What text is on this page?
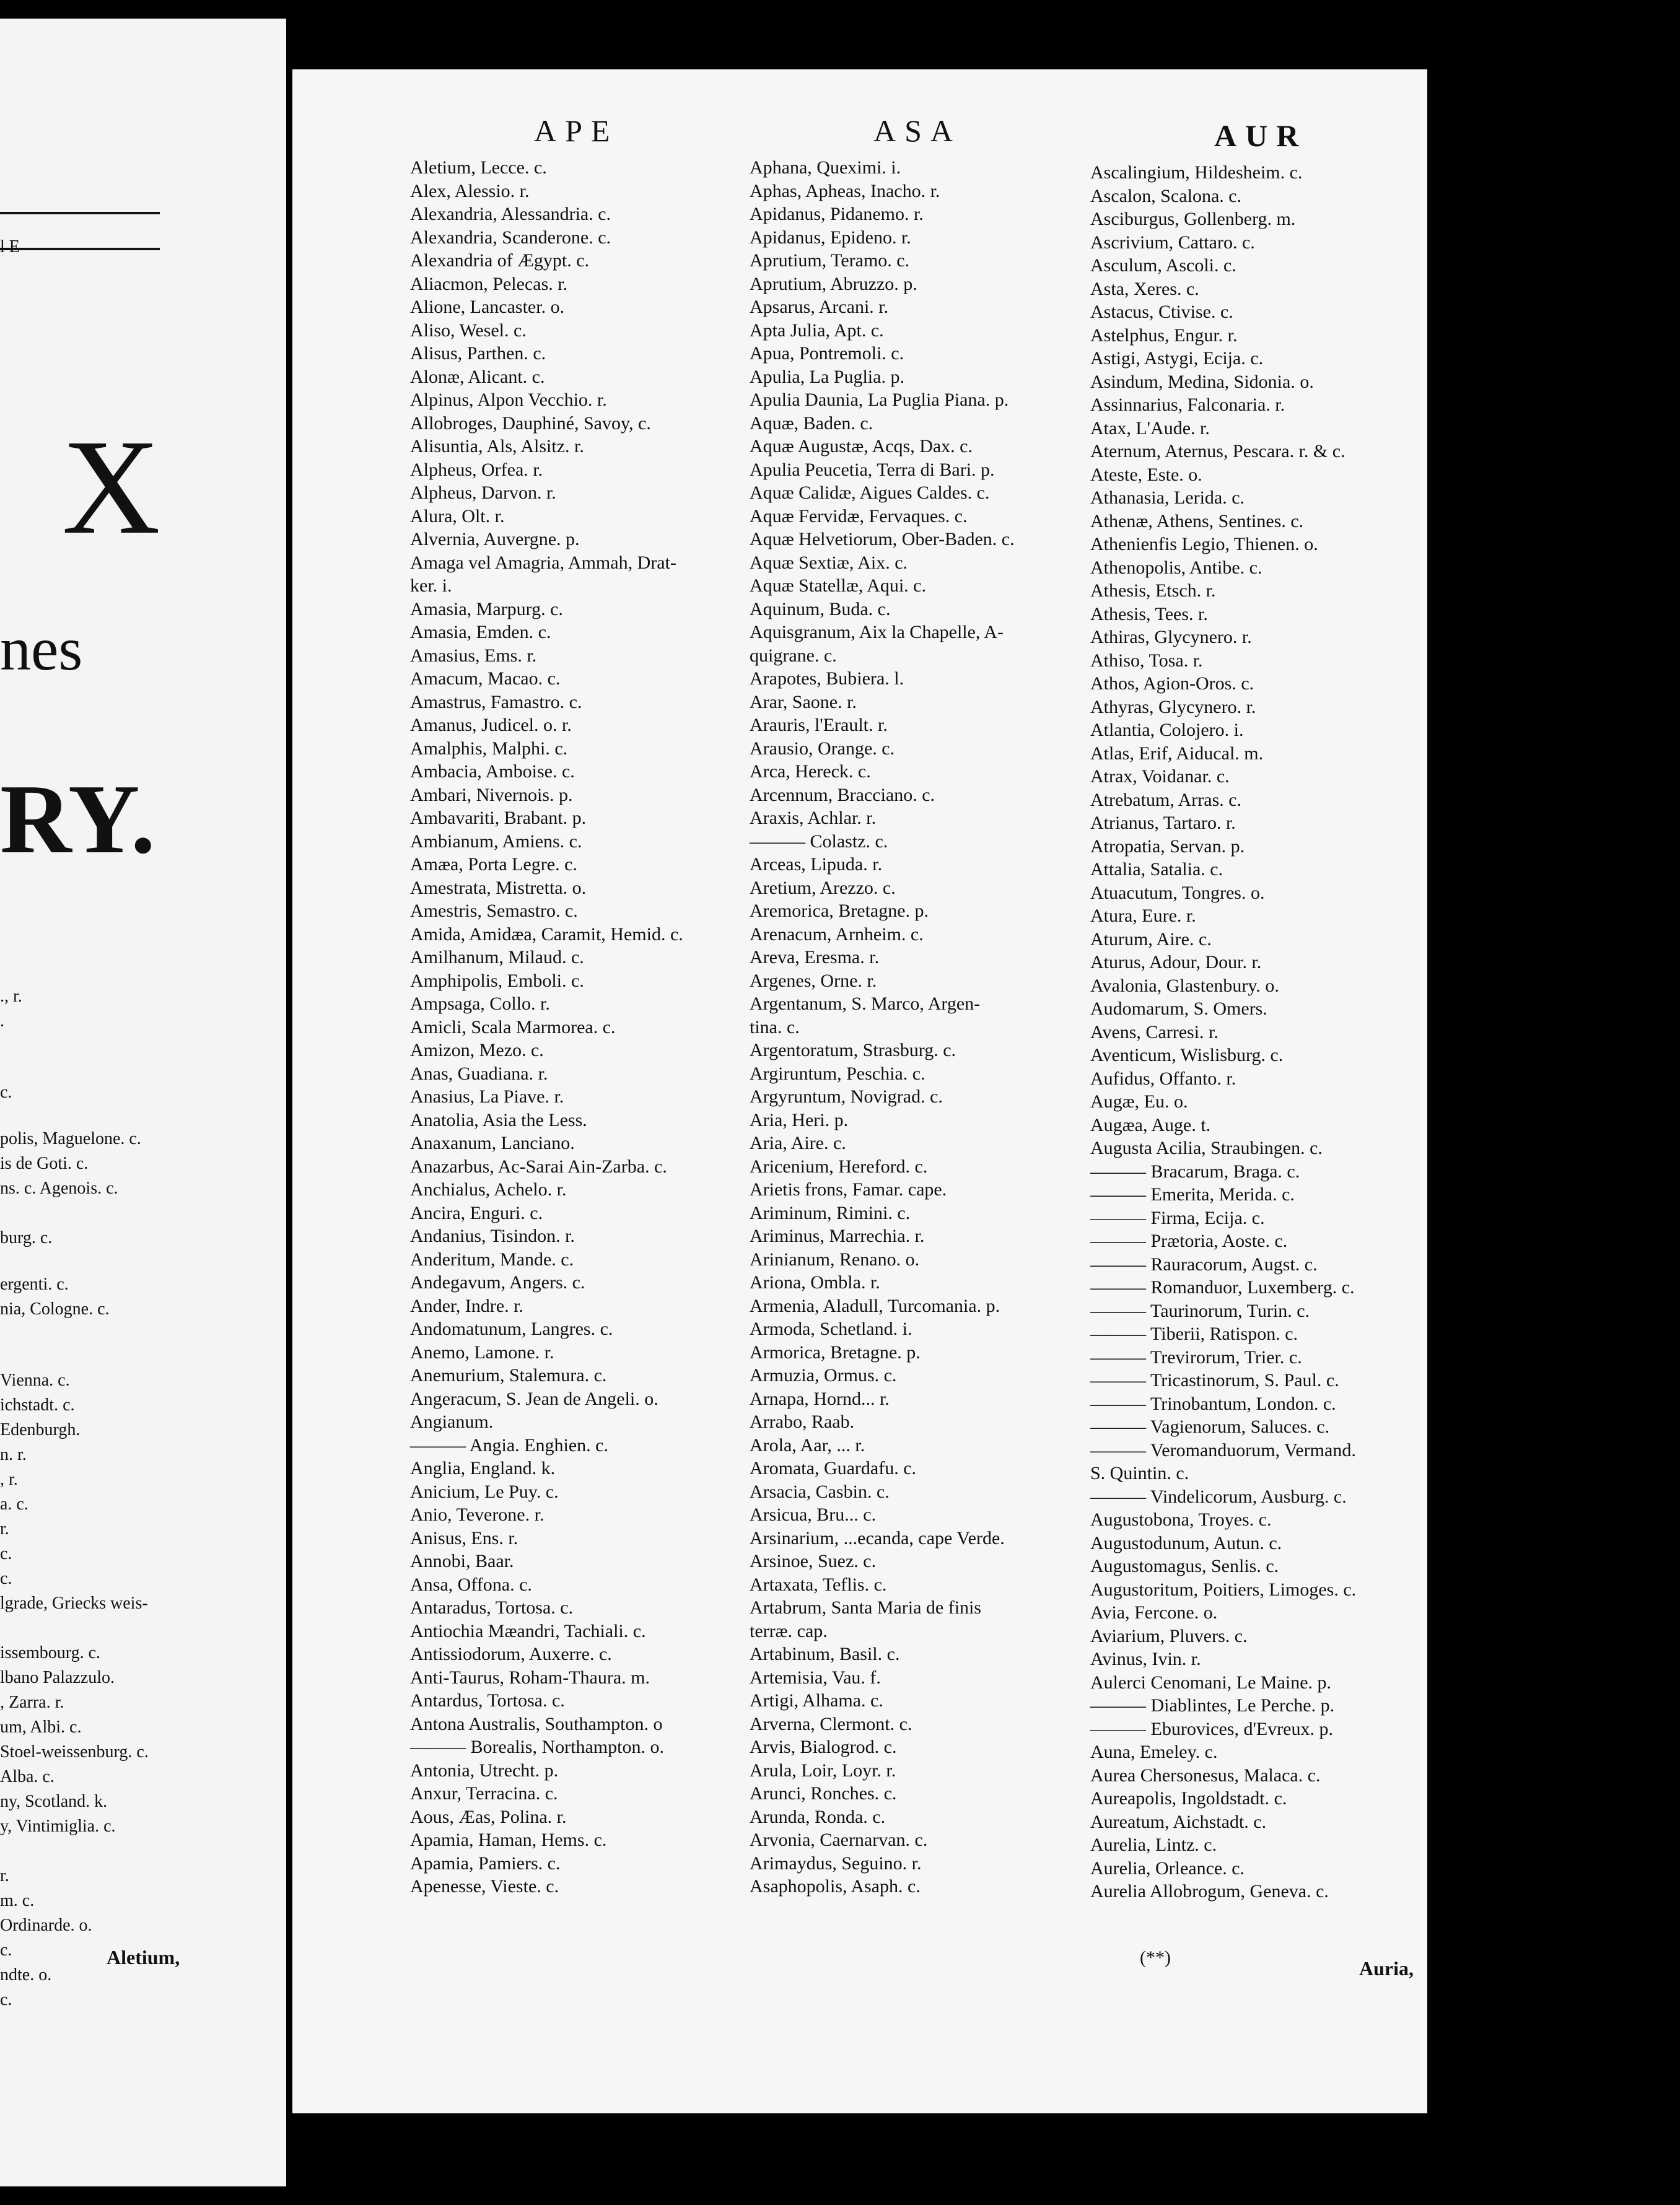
X
nes
RY.
l E
., r.
.
c.
polis, Maguelone. c.
is de Goti. c.
ns. c. Agenois. c.
burg. c.
ergenti. c.
nia, Cologne. c.
Vienna. c.
ichstadt. c.
Edenburgh.
n. r.
, r.
a. c.
r.
c.
c.
lgrade, Griecks weis-
issembourg. c.
lbano Palazzulo.
, Zarra. r.
um, Albi. c.
Stoel-weissenburg. c.
Alba. c.
ny, Scotland. k.
y, Vintimiglia. c.
r.
m. c.
Ordinarde. o.
c.
ndte. o.
c.
Aletium,
APE
Aletium, Lecce. c.
Alex, Alessio. r.
Alexandria, Alessandria. c.
Alexandria, Scanderone. c.
Alexandria of Ægypt. c.
Aliacmon, Pelecas. r.
Alione, Lancaster. o.
Aliso, Wesel. c.
Alisus, Parthen. c.
Alonæ, Alicant. c.
Alpinus, Alpon Vecchio. r.
Allobroges, Dauphiné, Savoy, c.
Alisuntia, Als, Alsitz. r.
Alpheus, Orfea. r.
Alpheus, Darvon. r.
Alura, Olt. r.
Alvernia, Auvergne. p.
Amaga vel Amagria, Ammah, Drat-
ker. i.
Amasia, Marpurg. c.
Amasia, Emden. c.
Amasius, Ems. r.
Amacum, Macao. c.
Amastrus, Famastro. c.
Amanus, Judicel. o. r.
Amalphis, Malphi. c.
Ambacia, Amboise. c.
Ambari, Nivernois. p.
Ambavariti, Brabant. p.
Ambianum, Amiens. c.
Amæa, Porta Legre. c.
Amestrata, Mistretta. o.
Amestris, Semastro. c.
Amida, Amidæa, Caramit, Hemid. c.
Amilhanum, Milaud. c.
Amphipolis, Emboli. c.
Ampsaga, Collo. r.
Amicli, Scala Marmorea. c.
Amizon, Mezo. c.
Anas, Guadiana. r.
Anasius, La Piave. r.
Anatolia, Asia the Less.
Anaxanum, Lanciano.
Anazarbus, Ac-Sarai Ain-Zarba. c.
Anchialus, Achelo. r.
Ancira, Enguri. c.
Andanius, Tisindon. r.
Anderitum, Mande. c.
Andegavum, Angers. c.
Ander, Indre. r.
Andomatunum, Langres. c.
Anemo, Lamone. r.
Anemurium, Stalemura. c.
Angeracum, S. Jean de Angeli. o.
Angianum.
——— Angia. Enghien. c.
Anglia, England. k.
Anicium, Le Puy. c.
Anio, Teverone. r.
Anisus, Ens. r.
Annobi, Baar.
Ansa, Offona. c.
Antaradus, Tortosa. c.
Antiochia Mæandri, Tachiali. c.
Antissiodorum, Auxerre. c.
Anti-Taurus, Roham-Thaura. m.
Antardus, Tortosa. c.
Antona Australis, Southampton. o
——— Borealis, Northampton. o.
Antonia, Utrecht. p.
Anxur, Terracina. c.
Aous, Æas, Polina. r.
Apamia, Haman, Hems. c.
Apamia, Pamiers. c.
Apenesse, Vieste. c.
ASA
Aphana, Queximi. i.
Aphas, Apheas, Inacho. r.
Apidanus, Pidanemo. r.
Apidanus, Epideno. r.
Aprutium, Teramo. c.
Aprutium, Abruzzo. p.
Apsarus, Arcani. r.
Apta Julia, Apt. c.
Apua, Pontremoli. c.
Apulia, La Puglia. p.
Apulia Daunia, La Puglia Piana. p.
Aquæ, Baden. c.
Aquæ Augustæ, Acqs, Dax. c.
Apulia Peucetia, Terra di Bari. p.
Aquæ Calidæ, Aigues Caldes. c.
Aquæ Fervidæ, Fervaques. c.
Aquæ Helvetiorum, Ober-Baden. c.
Aquæ Sextiæ, Aix. c.
Aquæ Statellæ, Aqui. c.
Aquinum, Buda. c.
Aquisgranum, Aix la Chapelle, A-
quigrane. c.
Arapotes, Bubiera. l.
Arar, Saone. r.
Arauris, l'Erault. r.
Arausio, Orange. c.
Arca, Hereck. c.
Arcennum, Bracciano. c.
Araxis, Achlar. r.
——— Colastz. c.
Arceas, Lipuda. r.
Aretium, Arezzo. c.
Aremorica, Bretagne. p.
Arenacum, Arnheim. c.
Areva, Eresma. r.
Argenes, Orne. r.
Argentanum, S. Marco, Argen-
tina. c.
Argentoratum, Strasburg. c.
Argiruntum, Peschia. c.
Argyruntum, Novigrad. c.
Aria, Heri. p.
Aria, Aire. c.
Aricenium, Hereford. c.
Arietis frons, Famar. cape.
Ariminum, Rimini. c.
Ariminus, Marrechia. r.
Arinianum, Renano. o.
Ariona, Ombla. r.
Armenia, Aladull, Turcomania. p.
Armoda, Schetland. i.
Armorica, Bretagne. p.
Armuzia, Ormus. c.
Arnapa, Hornd... r.
Arrabo, Raab.
Arola, Aar, ... r.
Aromata, Guardafu. c.
Arsacia, Casbin. c.
Arsicua, Bru... c.
Arsinarium, ...ecanda, cape Verde.
Arsinoe, Suez. c.
Artaxata, Teflis. c.
Artabrum, Santa Maria de finis
terræ. cap.
Artabinum, Basil. c.
Artemisia, Vau. f.
Artigi, Alhama. c.
Arverna, Clermont. c.
Arvis, Bialogrod. c.
Arula, Loir, Loyr. r.
Arunci, Ronches. c.
Arunda, Ronda. c.
Arvonia, Caernarvan. c.
Arimaydus, Seguino. r.
Asaphopolis, Asaph. c.
AUR
Ascalingium, Hildesheim. c.
Ascalon, Scalona. c.
Asciburgus, Gollenberg. m.
Ascrivium, Cattaro. c.
Asculum, Ascoli. c.
Asta, Xeres. c.
Astacus, Ctivise. c.
Astelphus, Engur. r.
Astigi, Astygi, Ecija. c.
Asindum, Medina, Sidonia. o.
Assinnarius, Falconaria. r.
Atax, L'Aude. r.
Aternum, Aternus, Pescara. r. & c.
Ateste, Este. o.
Athanasia, Lerida. c.
Athenæ, Athens, Sentines. c.
Athenienfis Legio, Thienen. o.
Athenopolis, Antibe. c.
Athesis, Etsch. r.
Athesis, Tees. r.
Athiras, Glycynero. r.
Athiso, Tosa. r.
Athos, Agion-Oros. c.
Athyras, Glycynero. r.
Atlantia, Colojero. i.
Atlas, Erif, Aiducal. m.
Atrax, Voidanar. c.
Atrebatum, Arras. c.
Atrianus, Tartaro. r.
Atropatia, Servan. p.
Attalia, Satalia. c.
Atuacutum, Tongres. o.
Atura, Eure. r.
Aturum, Aire. c.
Aturus, Adour, Dour. r.
Avalonia, Glastenbury. o.
Audomarum, S. Omers.
Avens, Carresi. r.
Aventicum, Wislisburg. c.
Aufidus, Offanto. r.
Augæ, Eu. o.
Augæa, Auge. t.
Augusta Acilia, Straubingen. c.
——— Bracarum, Braga. c.
——— Emerita, Merida. c.
——— Firma, Ecija. c.
——— Prætoria, Aoste. c.
——— Rauracorum, Augst. c.
——— Romanduor, Luxemberg. c.
——— Taurinorum, Turin. c.
——— Tiberii, Ratispon. c.
——— Trevirorum, Trier. c.
——— Tricastinorum, S. Paul. c.
——— Trinobantum, London. c.
——— Vagienorum, Saluces. c.
——— Veromanduorum, Vermand.
S. Quintin. c.
——— Vindelicorum, Ausburg. c.
Augustobona, Troyes. c.
Augustodunum, Autun. c.
Augustomagus, Senlis. c.
Augustoritum, Poitiers, Limoges. c.
Avia, Fercone. o.
Aviarium, Pluvers. c.
Avinus, Ivin. r.
Aulerci Cenomani, Le Maine. p.
——— Diablintes, Le Perche. p.
——— Eburovices, d'Evreux. p.
Auna, Emeley. c.
Aurea Chersonesus, Malaca. c.
Aureapolis, Ingoldstadt. c.
Aureatum, Aichstadt. c.
Aurelia, Lintz. c.
Aurelia, Orleance. c.
Aurelia Allobrogum, Geneva. c.
(**)	Auria,
